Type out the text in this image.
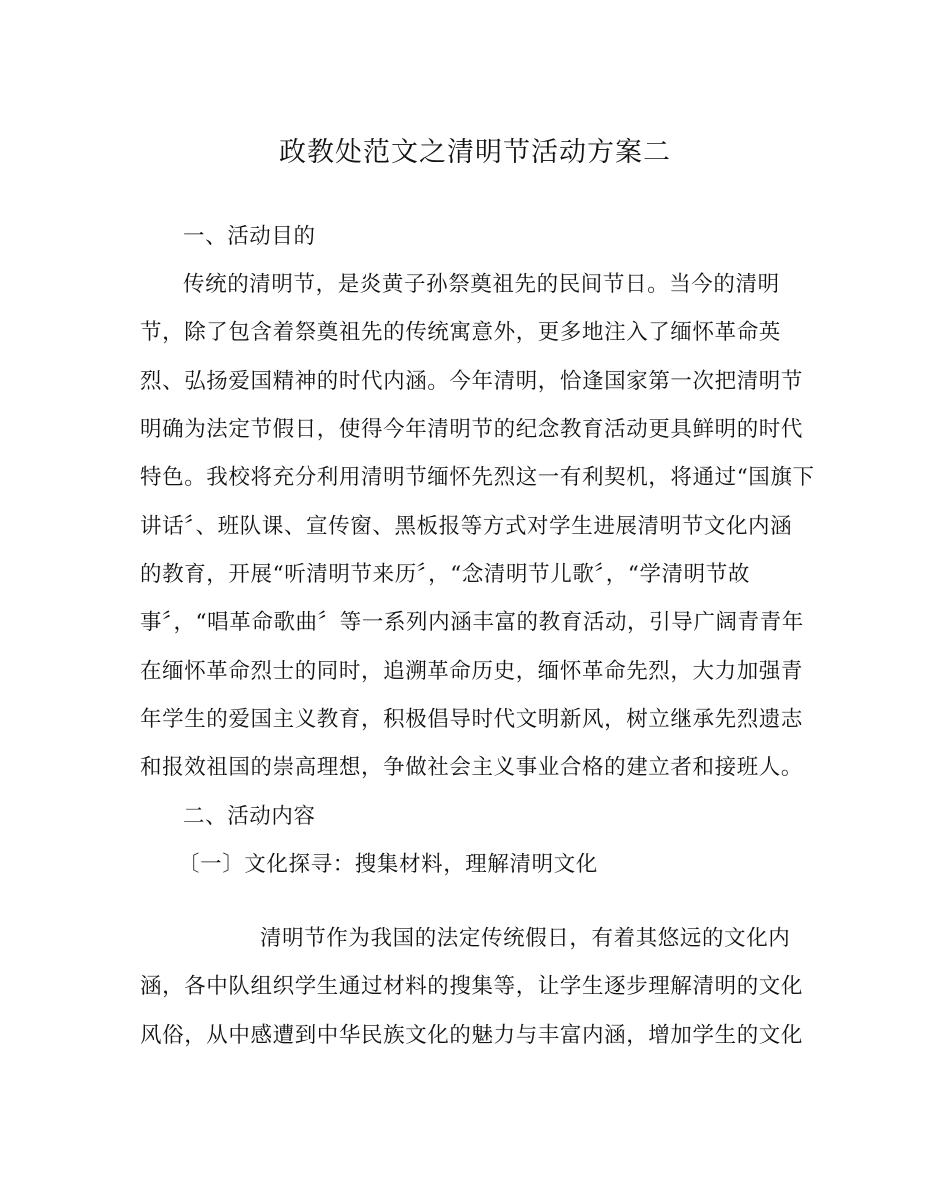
政教处范文之清明节活动方案二
一、活动目的
传统的清明节，是炎黄子孙祭奠祖先的民间节日。当今的清明
节，除了包含着祭奠祖先的传统寓意外，更多地注入了缅怀革命英
烈、弘扬爱国精神的时代内涵。今年清明，恰逢国家第一次把清明节
明确为法定节假日，使得今年清明节的纪念教育活动更具鲜明的时代
特色。我校将充分利用清明节缅怀先烈这一有利契机，将通过“国旗下
讲话〞、班队课、宣传窗、黑板报等方式对学生进展清明节文化内涵
的教育，开展“听清明节来历〞，“念清明节儿歌〞，“学清明节故
事〞，“唱革命歌曲〞等一系列内涵丰富的教育活动，引导广阔青青年
在缅怀革命烈士的同时，追溯革命历史，缅怀革命先烈，大力加强青
年学生的爱国主义教育，积极倡导时代文明新风，树立继承先烈遗志
和报效祖国的崇高理想，争做社会主义事业合格的建立者和接班人。
二、活动内容
〔一〕文化探寻：搜集材料，理解清明文化
清明节作为我国的法定传统假日，有着其悠远的文化内
涵，各中队组织学生通过材料的搜集等，让学生逐步理解清明的文化
风俗，从中感遭到中华民族文化的魅力与丰富内涵，增加学生的文化
